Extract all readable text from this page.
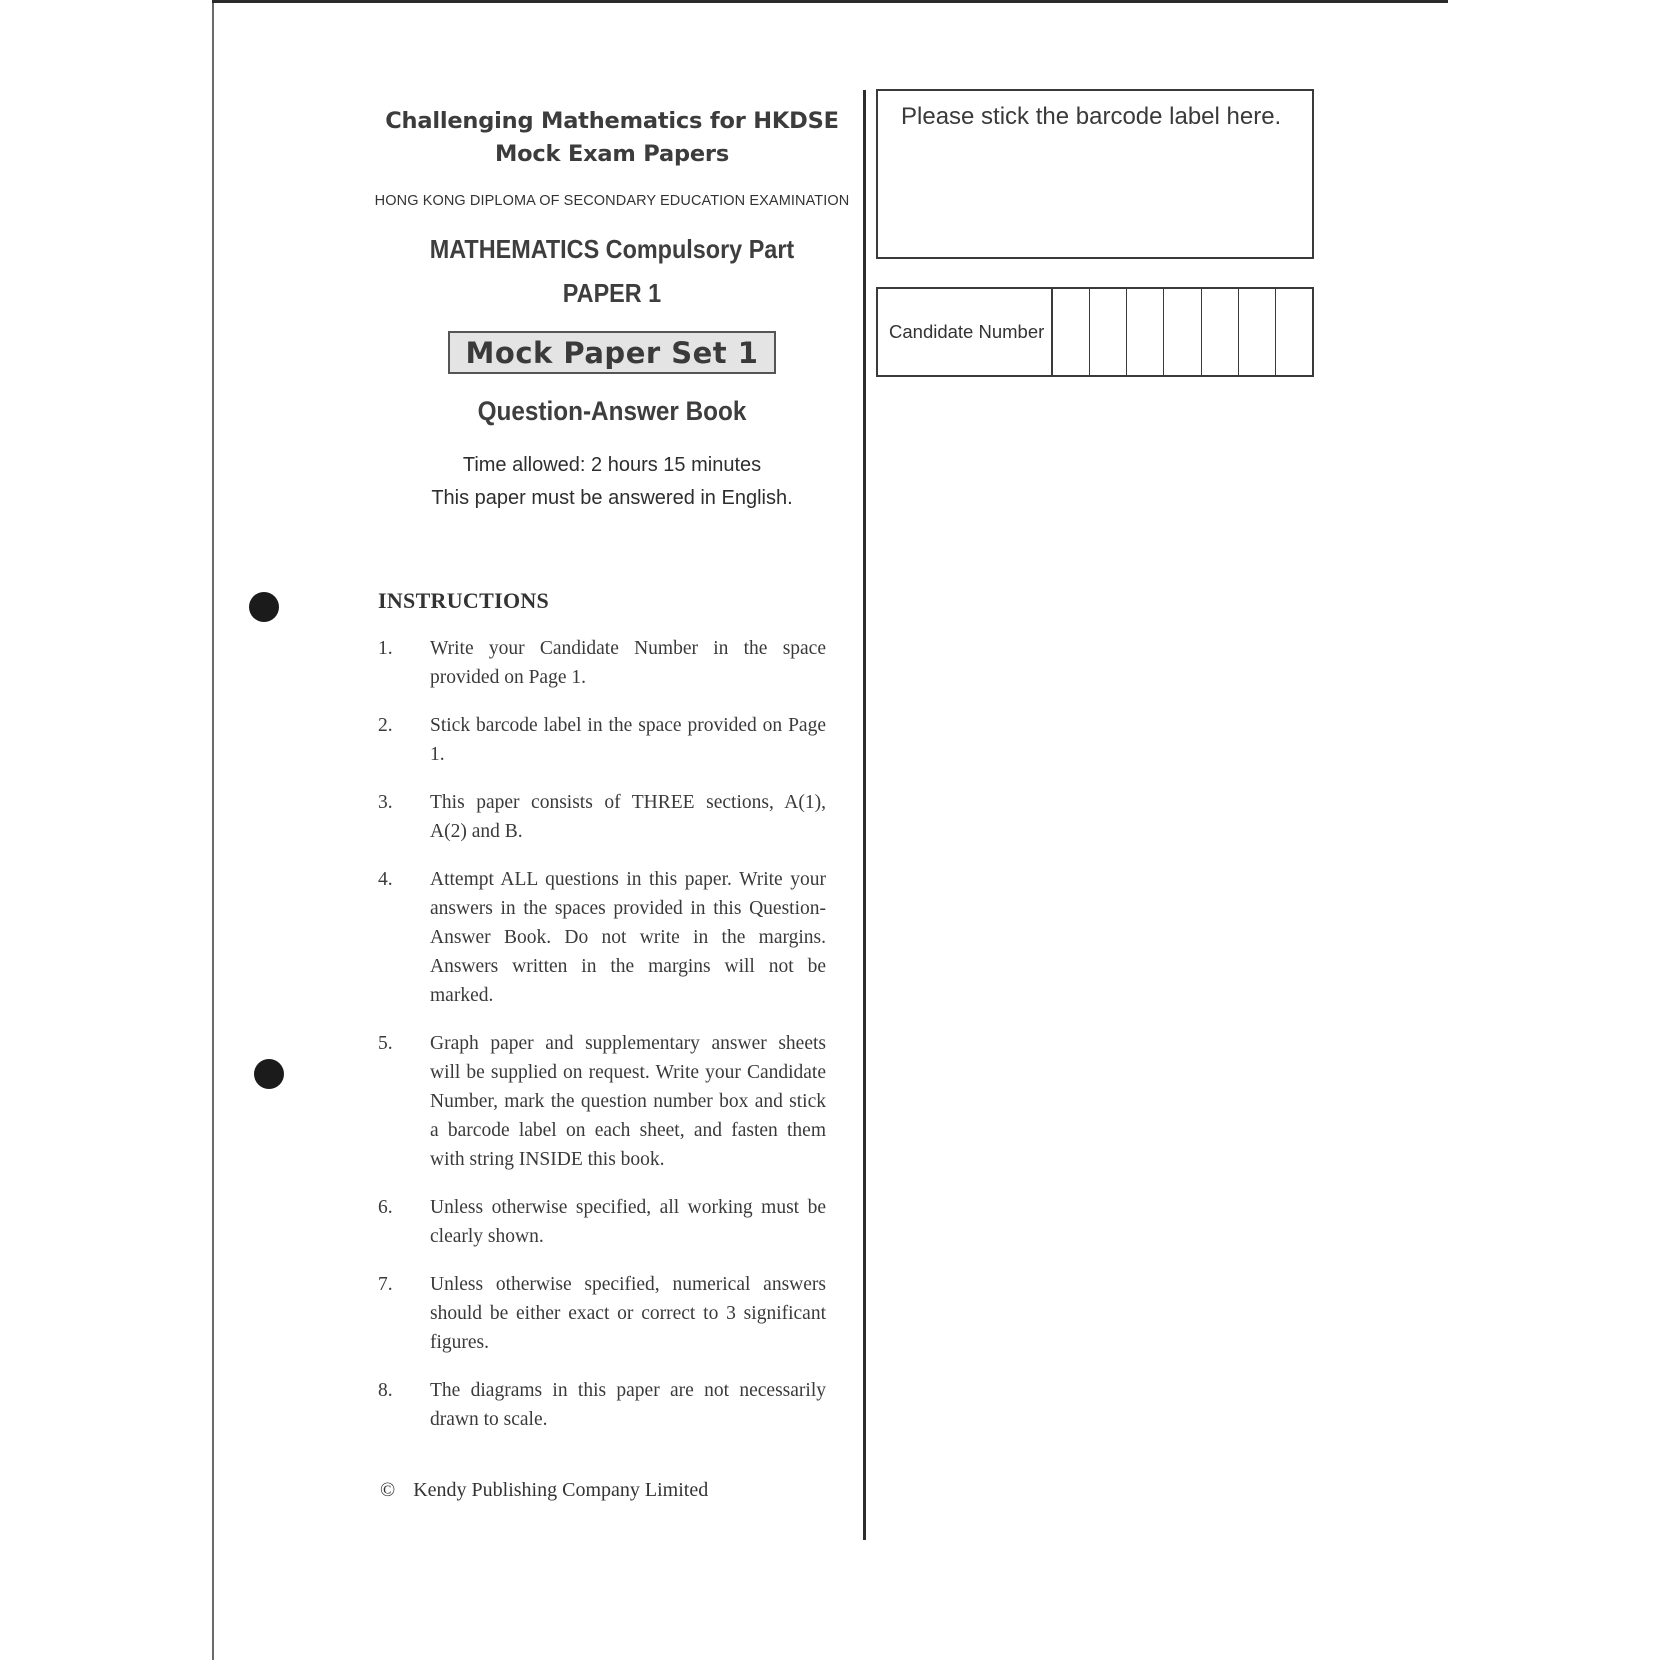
Challenging Mathematics for HKDSE
Mock Exam Papers
HONG KONG DIPLOMA OF SECONDARY EDUCATION EXAMINATION
MATHEMATICS Compulsory Part
PAPER 1
Mock Paper Set 1
Question-Answer Book
Time allowed: 2 hours 15 minutes
This paper must be answered in English.
INSTRUCTIONS
1.	Write your Candidate Number in the space provided on Page 1.
2.	Stick barcode label in the space provided on Page 1.
3.	This paper consists of THREE sections, A(1), A(2) and B.
4.	Attempt ALL questions in this paper. Write your answers in the spaces provided in this Question-Answer Book. Do not write in the margins. Answers written in the margins will not be marked.
5.	Graph paper and supplementary answer sheets will be supplied on request. Write your Candidate Number, mark the question number box and stick a barcode label on each sheet, and fasten them with string INSIDE this book.
6.	Unless otherwise specified, all working must be clearly shown.
7.	Unless otherwise specified, numerical answers should be either exact or correct to 3 significant figures.
8.	The diagrams in this paper are not necessarily drawn to scale.
© Kendy Publishing Company Limited
Please stick the barcode label here.
Candidate Number
